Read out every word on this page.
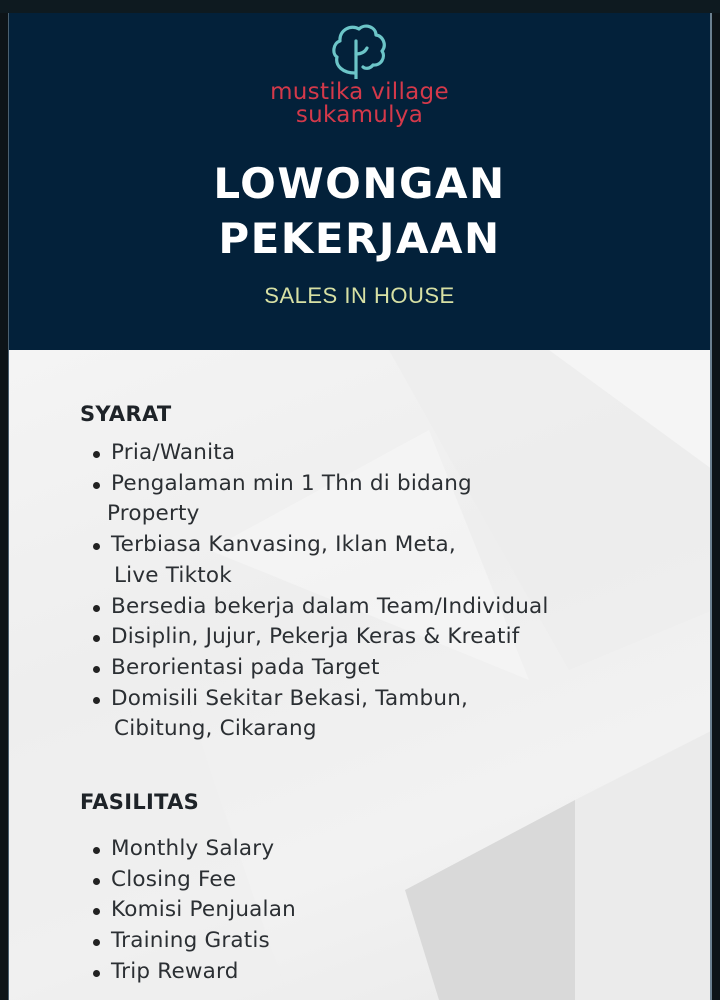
mustika village
sukamulya
LOWONGAN
PEKERJAAN
SALES IN HOUSE
SYARAT
Pria/Wanita
Pengalaman min 1 Thn di bidang
Property
Terbiasa Kanvasing, Iklan Meta,
Live Tiktok
Bersedia bekerja dalam Team/Individual
Disiplin, Jujur, Pekerja Keras & Kreatif
Berorientasi pada Target
Domisili Sekitar Bekasi, Tambun,
Cibitung, Cikarang
FASILITAS
Monthly Salary
Closing Fee
Komisi Penjualan
Training Gratis
Trip Reward
